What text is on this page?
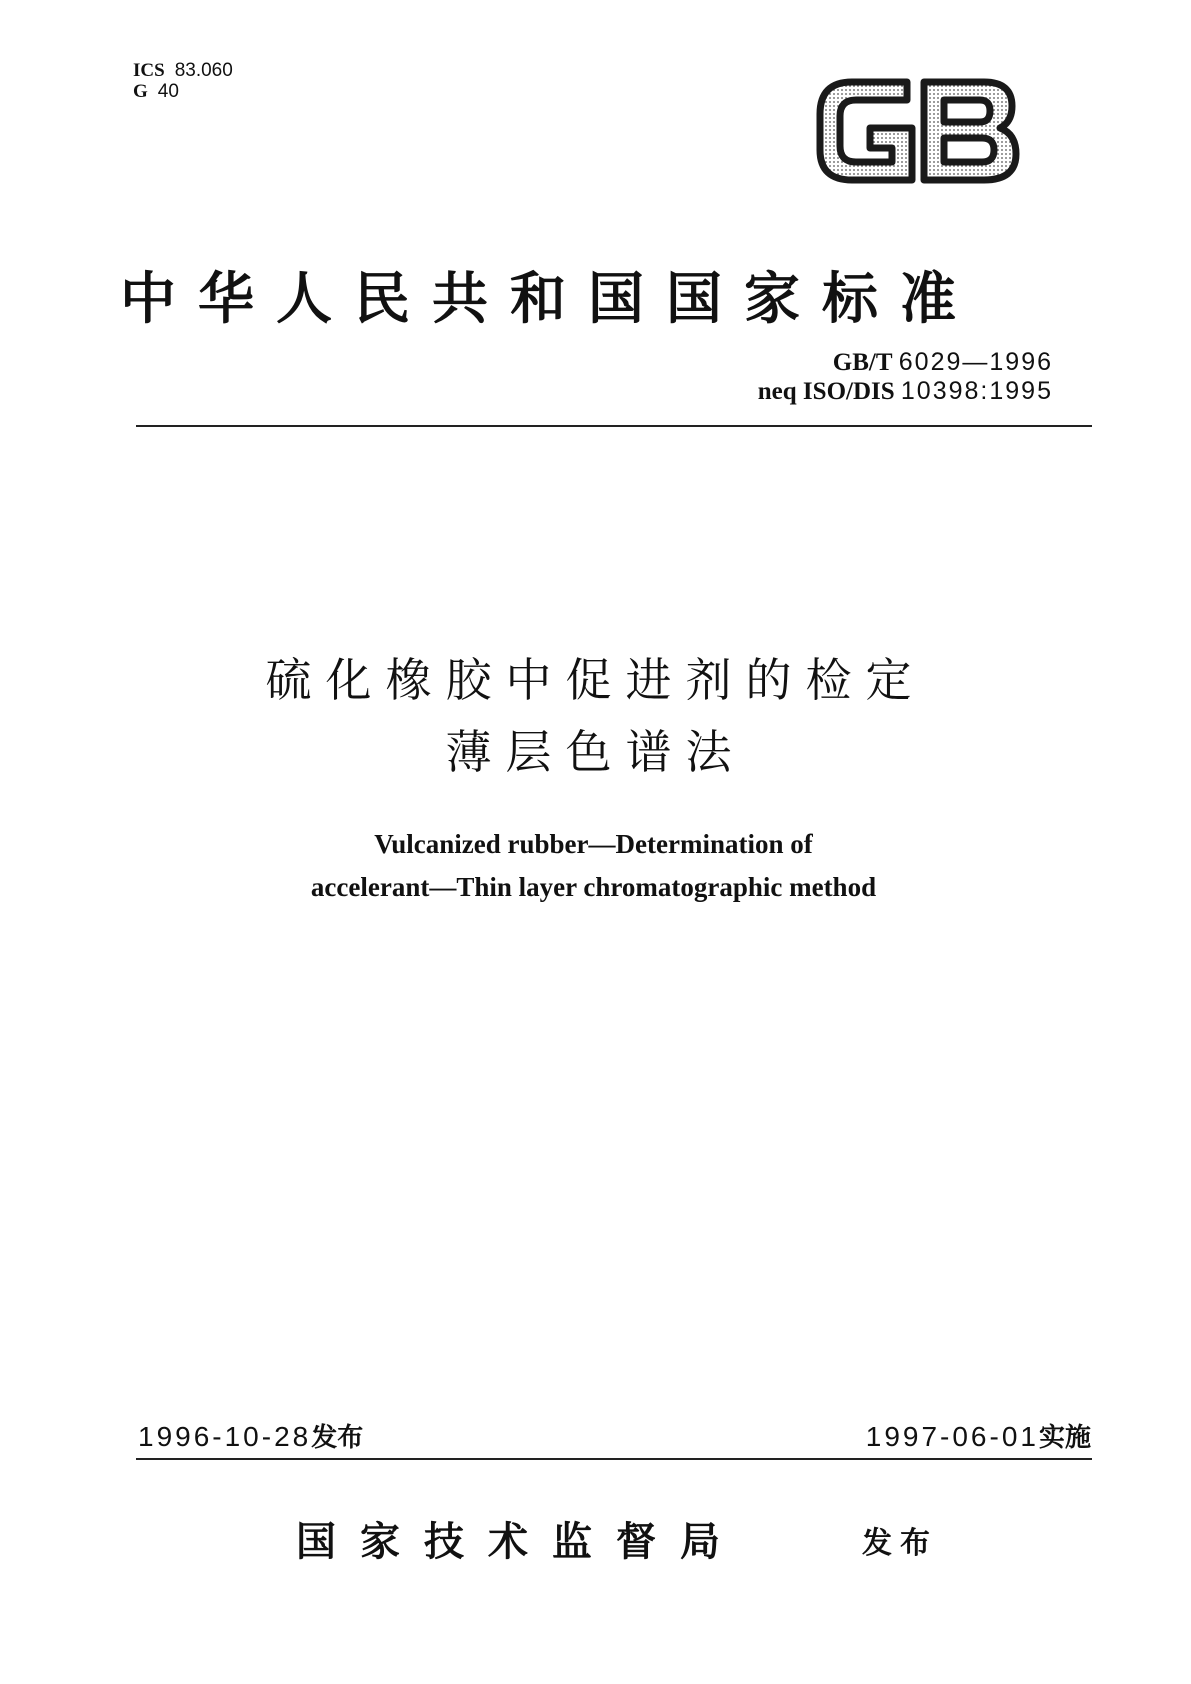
ICS 83.060
G 40
中华人民共和国国家标准
GB/T 6029—1996
neq ISO/DIS 10398:1995
硫化橡胶中促进剂的检定
薄层色谱法
Vulcanized rubber—Determination of
accelerant—Thin layer chromatographic method
1996-10-28发布	1997-06-01实施
国家技术监督局	发布
